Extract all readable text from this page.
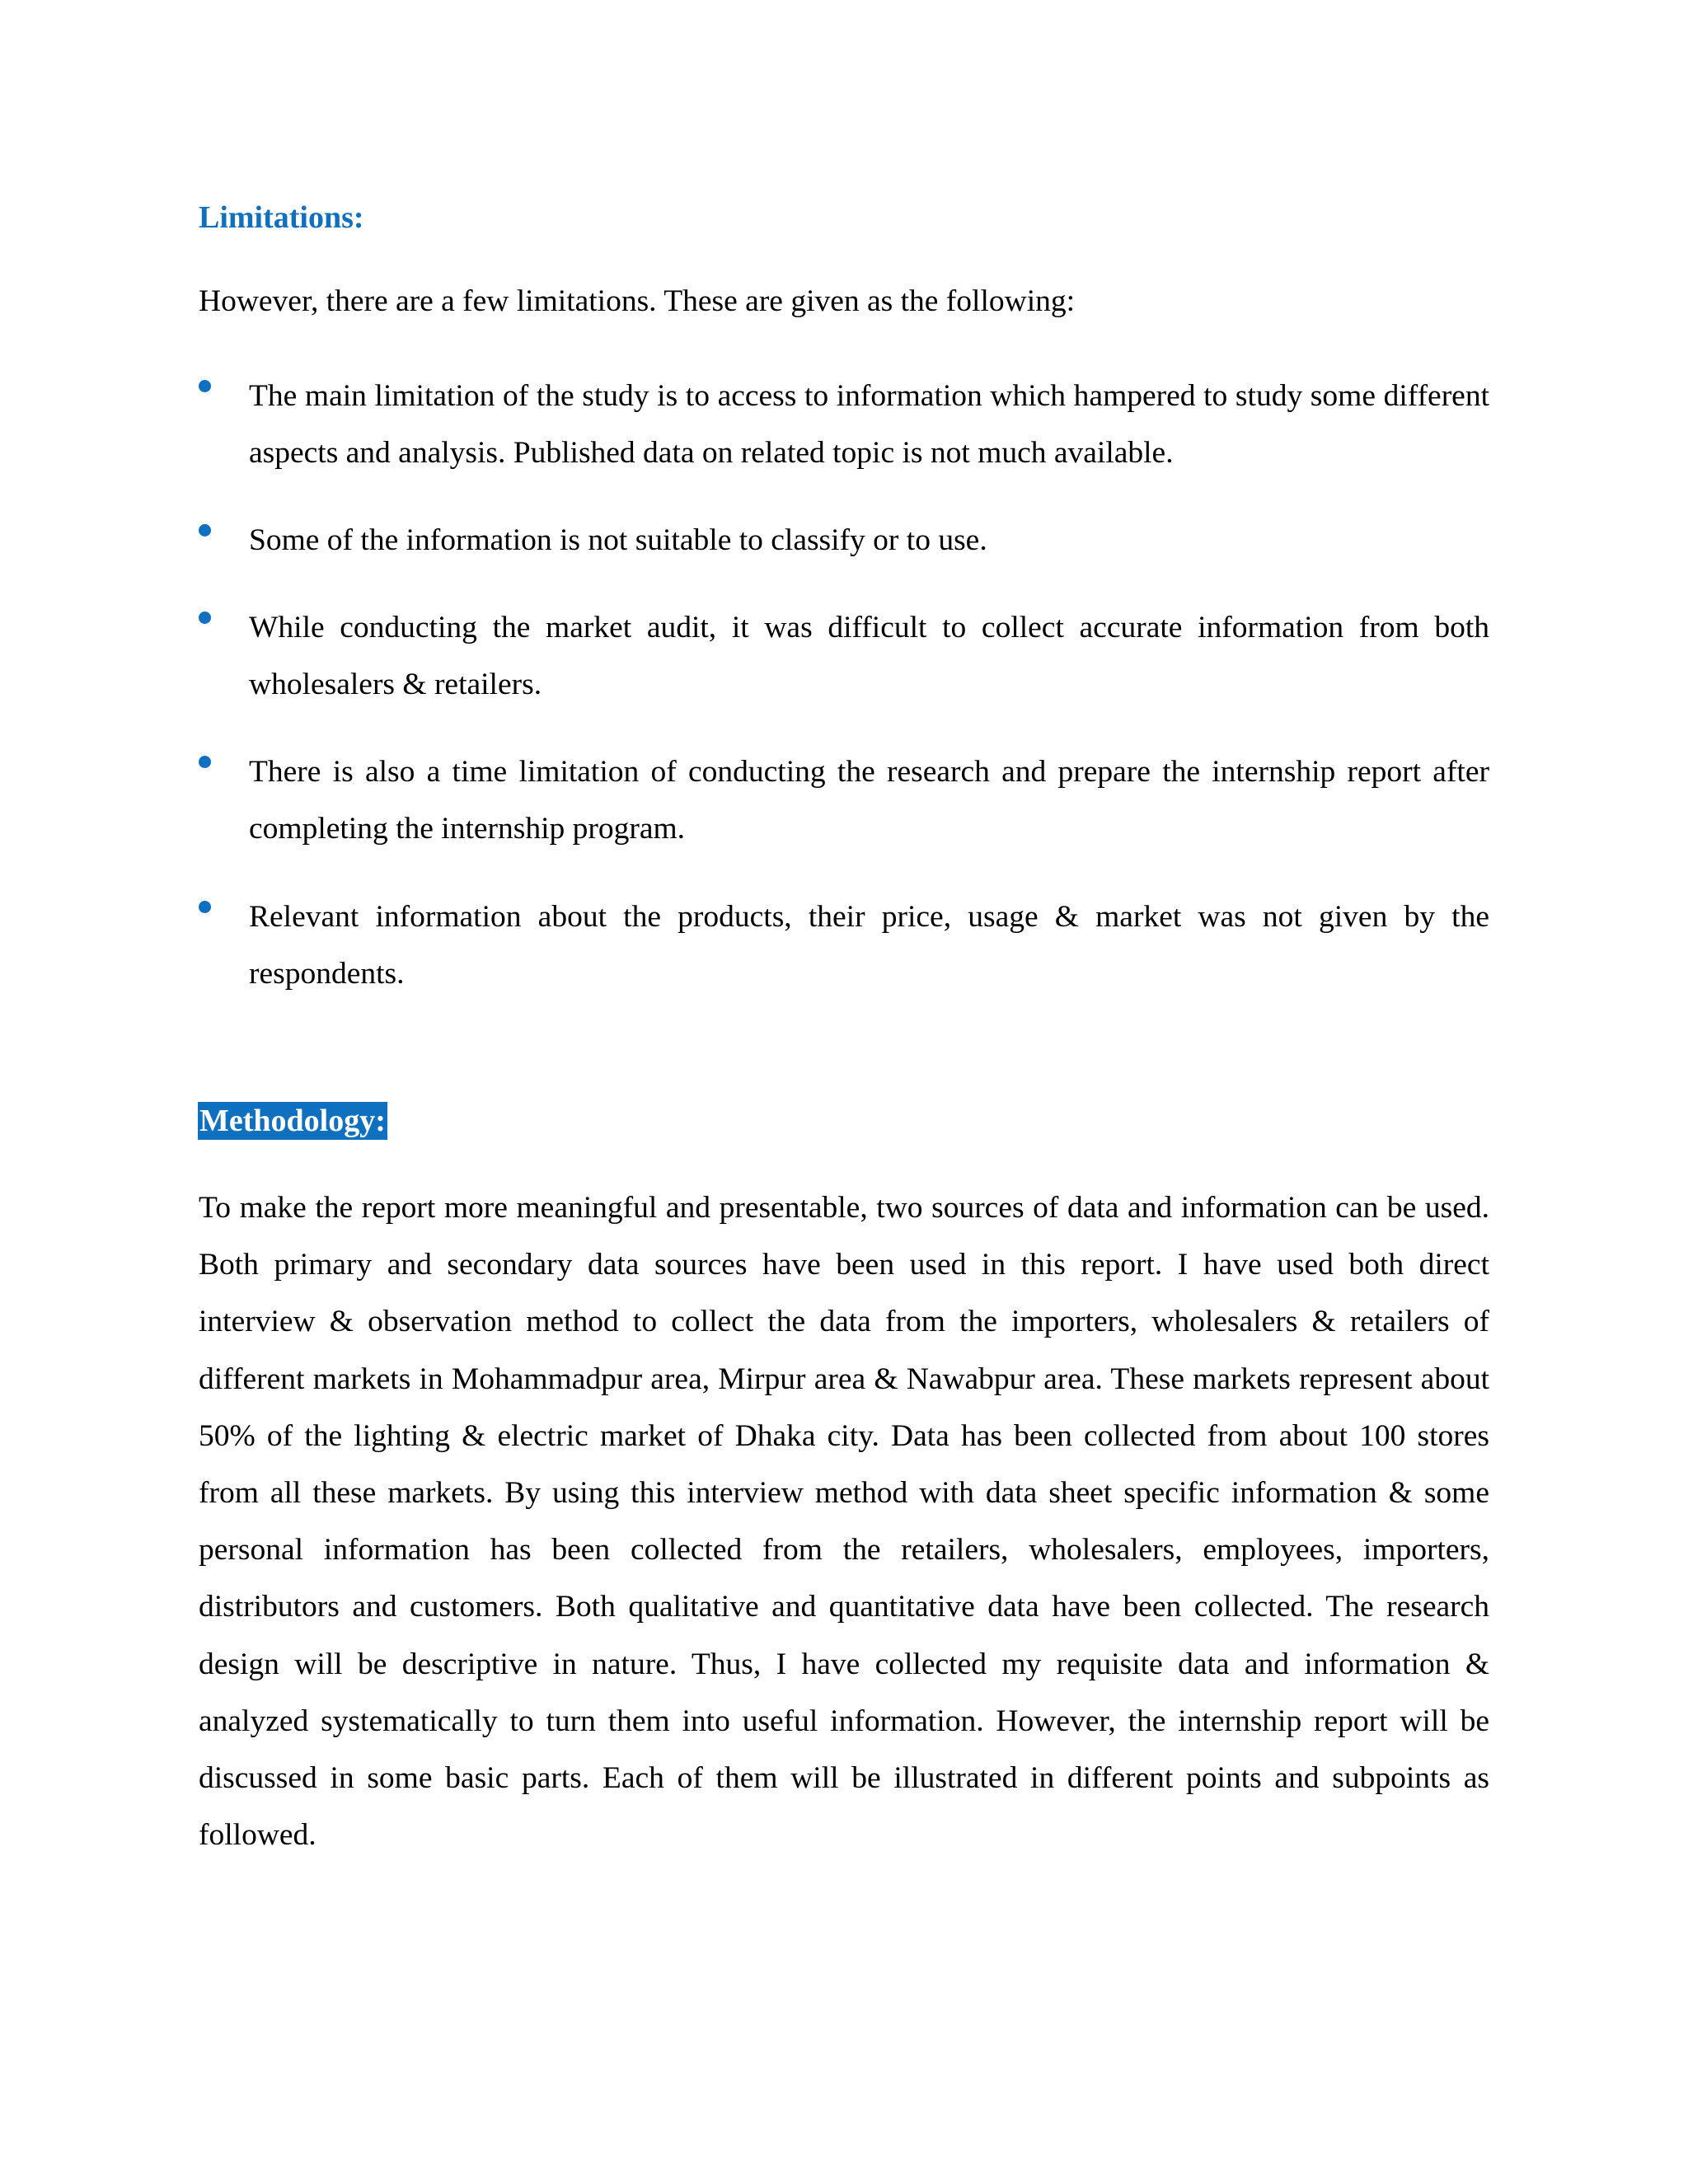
Limitations:
However, there are a few limitations. These are given as the following:
The main limitation of the study is to access to information which hampered to study some different aspects and analysis. Published data on related topic is not much available.
Some of the information is not suitable to classify or to use.
While conducting the market audit, it was difficult to collect accurate information from both wholesalers & retailers.
There is also a time limitation of conducting the research and prepare the internship report after completing the internship program.
Relevant information about the products, their price, usage & market was not given by the respondents.
Methodology:

To make the report more meaningful and presentable, two sources of data and information can be used. Both primary and secondary data sources have been used in this report. I have used both direct interview & observation method to collect the data from the importers, wholesalers & retailers of different markets in Mohammadpur area, Mirpur area & Nawabpur area. These markets represent about 50% of the lighting & electric market of Dhaka city. Data has been collected from about 100 stores from all these markets. By using this interview method with data sheet specific information & some personal information has been collected from the retailers, wholesalers, employees, importers, distributors and customers. Both qualitative and quantitative data have been collected. The research design will be descriptive in nature. Thus, I have collected my requisite data and information & analyzed systematically to turn them into useful information. However, the internship report will be discussed in some basic parts. Each of them will be illustrated in different points and subpoints as followed.
